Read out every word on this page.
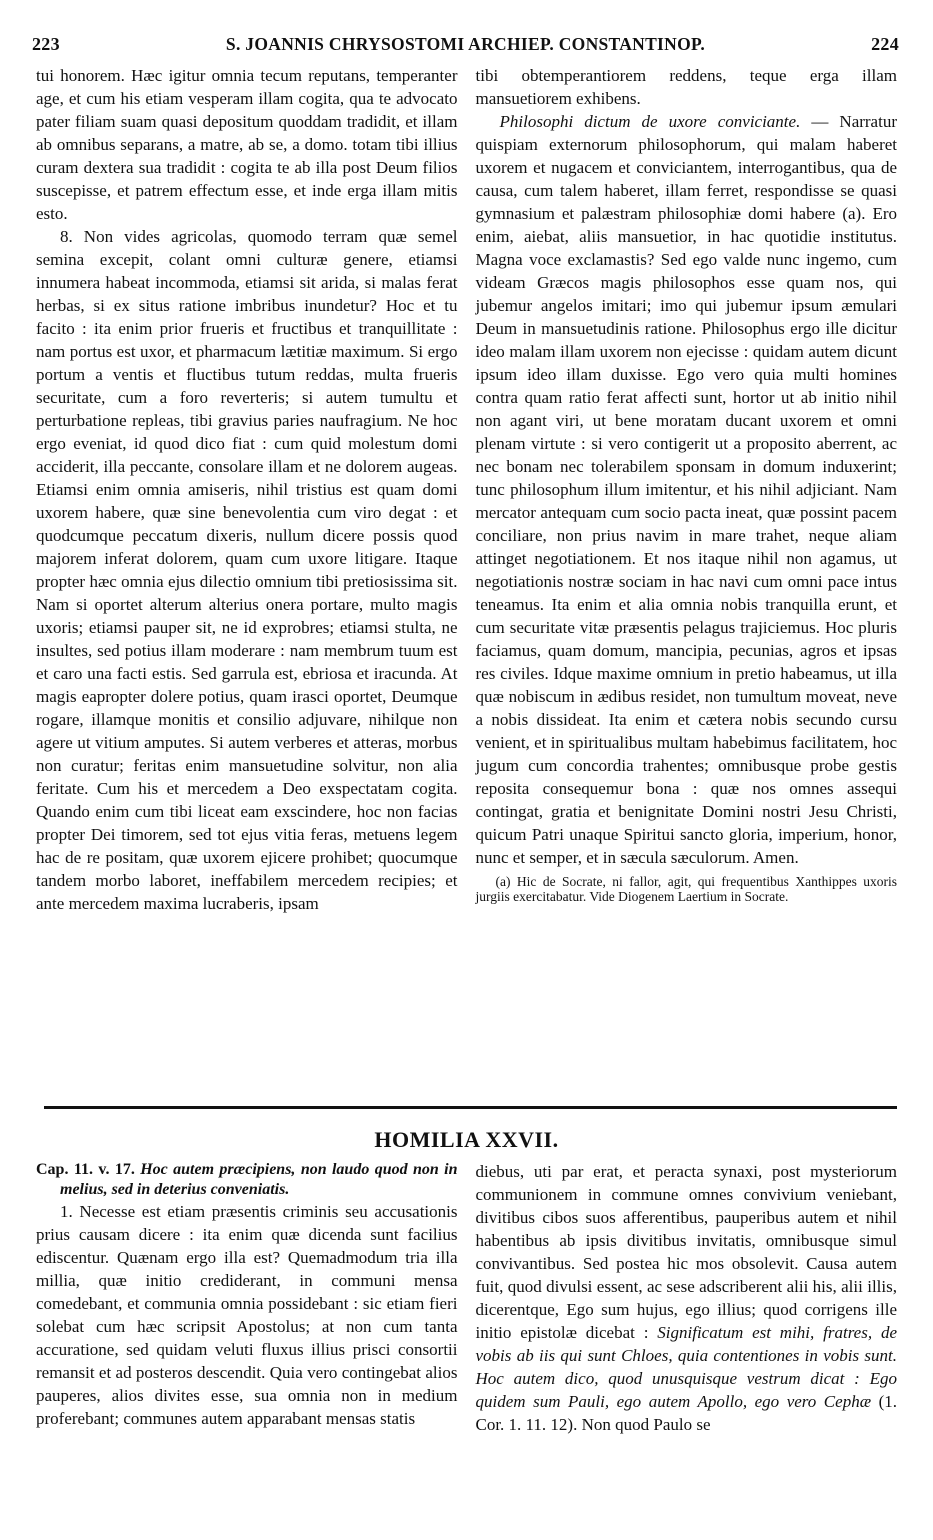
223	S. JOANNIS CHRYSOSTOMI ARCHIEP. CONSTANTINOP.	224

tui honorem. Hæc igitur omnia tecum reputans, temperanter age, et cum his etiam vesperam illam cogita, qua te advocato pater filiam suam quasi depositum quoddam tradidit, et illam ab omnibus separans, a matre, ab se, a domo. totam tibi illius curam dextera sua tradidit : cogita te ab illa post Deum filios suscepisse, et patrem effectum esse, et inde erga illam mitis esto.

8. Non vides agricolas, quomodo terram quæ semel semina excepit, colant omni culturæ genere, etiamsi innumera habeat incommoda, etiamsi sit arida, si malas ferat herbas, si ex situs ratione imbribus inundetur? Hoc et tu facito : ita enim prior frueris et fructibus et tranquillitate : nam portus est uxor, et pharmacum lætitiæ maximum. Si ergo portum a ventis et fluctibus tutum reddas, multa frueris securitate, cum a foro reverteris; si autem tumultu et perturbatione repleas, tibi gravius paries naufragium. Ne hoc ergo eveniat, id quod dico fiat : cum quid molestum domi acciderit, illa peccante, consolare illam et ne dolorem augeas. Etiamsi enim omnia amiseris, nihil tristius est quam domi uxorem habere, quæ sine benevolentia cum viro degat : et quodcumque peccatum dixeris, nullum dicere possis quod majorem inferat dolorem, quam cum uxore litigare. Itaque propter hæc omnia ejus dilectio omnium tibi pretiosissima sit. Nam si oportet alterum alterius onera portare, multo magis uxoris; etiamsi pauper sit, ne id exprobres; etiamsi stulta, ne insultes, sed potius illam moderare : nam membrum tuum est et caro una facti estis. Sed garrula est, ebriosa et iracunda. At magis eapropter dolere potius, quam irasci oportet, Deumque rogare, illamque monitis et consilio adjuvare, nihilque non agere ut vitium amputes. Si autem verberes et atteras, morbus non curatur; feritas enim mansuetudine solvitur, non alia feritate. Cum his et mercedem a Deo exspectatam cogita. Quando enim cum tibi liceat eam exscindere, hoc non facias propter Dei timorem, sed tot ejus vitia feras, metuens legem hac de re positam, quæ uxorem ejicere prohibet; quocumque tandem morbo laboret, ineffabilem mercedem recipies; et ante mercedem maxima lucraberis, ipsam

tibi obtemperantiorem reddens, teque erga illam mansuetiorem exhibens.

Philosophi dictum de uxore conviciante. — Narratur quispiam externorum philosophorum, qui malam haberet uxorem et nugacem et conviciantem, interrogantibus, qua de causa, cum talem haberet, illam ferret, respondisse se quasi gymnasium et palæstram philosophiæ domi habere (a). Ero enim, aiebat, aliis mansuetior, in hac quotidie institutus. Magna voce exclamastis? Sed ego valde nunc ingemo, cum videam Græcos magis philosophos esse quam nos, qui jubemur angelos imitari; imo qui jubemur ipsum æmulari Deum in mansuetudinis ratione. Philosophus ergo ille dicitur ideo malam illam uxorem non ejecisse : quidam autem dicunt ipsum ideo illam duxisse. Ego vero quia multi homines contra quam ratio ferat affecti sunt, hortor ut ab initio nihil non agant viri, ut bene moratam ducant uxorem et omni plenam virtute : si vero contigerit ut a proposito aberrent, ac nec bonam nec tolerabilem sponsam in domum induxerint; tunc philosophum illum imitentur, et his nihil adjiciant. Nam mercator antequam cum socio pacta ineat, quæ possint pacem conciliare, non prius navim in mare trahet, neque aliam attinget negotiationem. Et nos itaque nihil non agamus, ut negotiationis nostræ sociam in hac navi cum omni pace intus teneamus. Ita enim et alia omnia nobis tranquilla erunt, et cum securitate vitæ præsentis pelagus trajiciemus. Hoc pluris faciamus, quam domum, mancipia, pecunias, agros et ipsas res civiles. Idque maxime omnium in pretio habeamus, ut illa quæ nobiscum in ædibus residet, non tumultum moveat, neve a nobis dissideat. Ita enim et cætera nobis secundo cursu venient, et in spiritualibus multam habebimus facilitatem, hoc jugum cum concordia trahentes; omnibusque probe gestis reposita consequemur bona : quæ nos omnes assequi contingat, gratia et benignitate Domini nostri Jesu Christi, quicum Patri unaque Spiritui sancto gloria, imperium, honor, nunc et semper, et in sæcula sæculorum. Amen.

(a) Hic de Socrate, ni fallor, agit, qui frequentibus Xanthippes uxoris jurgiis exercitabatur. Vide Diogenem Laertium in Socrate.

HOMILIA XXVII.

Cap. 11. v. 17. Hoc autem præcipiens, non laudo quod non in melius, sed in deterius conveniatis.

1. Necesse est etiam præsentis criminis seu accusationis prius causam dicere : ita enim quæ dicenda sunt facilius ediscentur. Quænam ergo illa est? Quemadmodum tria illa millia, quæ initio crediderant, in communi mensa comedebant, et communia omnia possidebant : sic etiam fieri solebat cum hæc scripsit Apostolus; at non cum tanta accuratione, sed quidam veluti fluxus illius prisci consortii remansit et ad posteros descendit. Quia vero contingebat alios pauperes, alios divites esse, sua omnia non in medium proferebant; communes autem apparabant mensas statis

diebus, uti par erat, et peracta synaxi, post mysteriorum communionem in commune omnes convivium veniebant, divitibus cibos suos afferentibus, pauperibus autem et nihil habentibus ab ipsis divitibus invitatis, omnibusque simul convivantibus. Sed postea hic mos obsolevit. Causa autem fuit, quod divulsi essent, ac sese adscriberent alii his, alii illis, dicerentque, Ego sum hujus, ego illius; quod corrigens ille initio epistolæ dicebat : Significatum est mihi, fratres, de vobis ab iis qui sunt Chloes, quia contentiones in vobis sunt. Hoc autem dico, quod unusquisque vestrum dicat : Ego quidem sum Pauli, ego autem Apollo, ego vero Cephæ (1. Cor. 1. 11. 12). Non quod Paulo se
